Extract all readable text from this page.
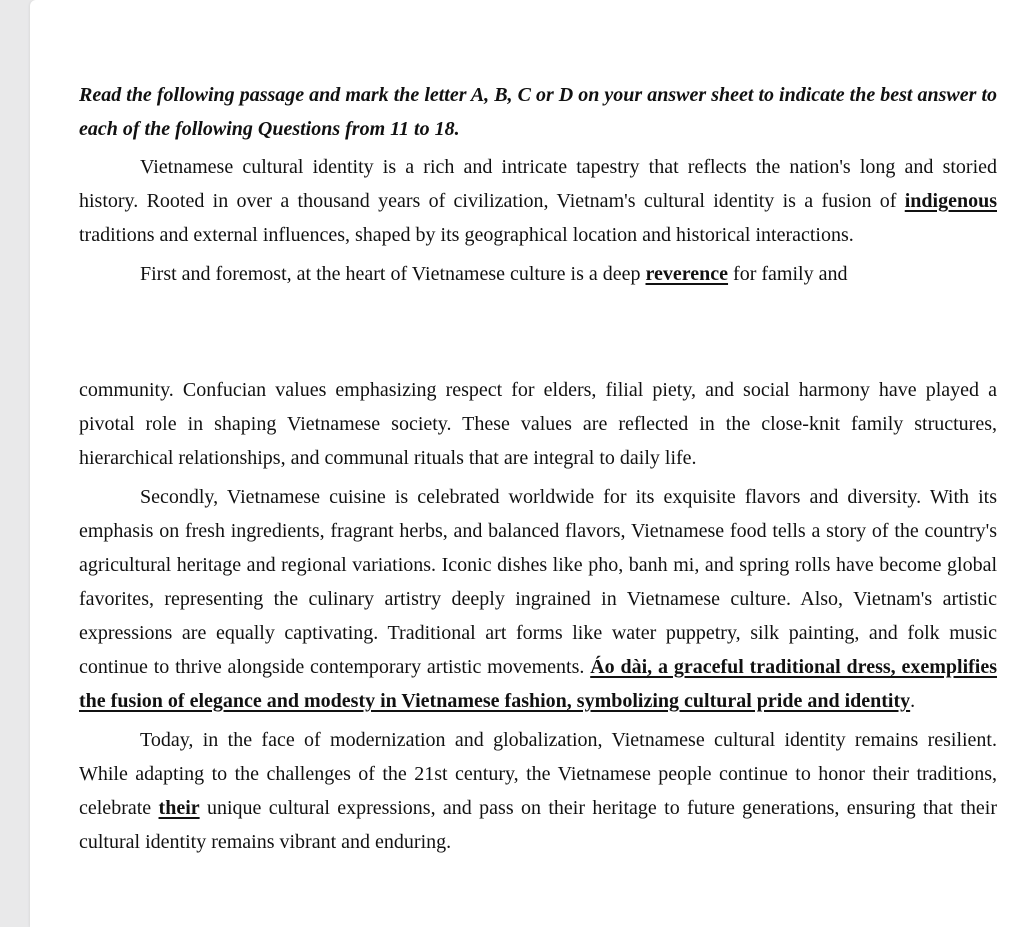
Read the following passage and mark the letter A, B, C or D on your answer sheet to indicate the best answer to each of the following Questions from 11 to 18.

Vietnamese cultural identity is a rich and intricate tapestry that reflects the nation's long and storied history. Rooted in over a thousand years of civilization, Vietnam's cultural identity is a fusion of indigenous traditions and external influences, shaped by its geographical location and historical interactions.

First and foremost, at the heart of Vietnamese culture is a deep reverence for family and

community. Confucian values emphasizing respect for elders, filial piety, and social harmony have played a pivotal role in shaping Vietnamese society. These values are reflected in the close-knit family structures, hierarchical relationships, and communal rituals that are integral to daily life.

Secondly, Vietnamese cuisine is celebrated worldwide for its exquisite flavors and diversity. With its emphasis on fresh ingredients, fragrant herbs, and balanced flavors, Vietnamese food tells a story of the country's agricultural heritage and regional variations. Iconic dishes like pho, banh mi, and spring rolls have become global favorites, representing the culinary artistry deeply ingrained in Vietnamese culture. Also, Vietnam's artistic expressions are equally captivating. Traditional art forms like water puppetry, silk painting, and folk music continue to thrive alongside contemporary artistic movements. Áo dài, a graceful traditional dress, exemplifies the fusion of elegance and modesty in Vietnamese fashion, symbolizing cultural pride and identity.

Today, in the face of modernization and globalization, Vietnamese cultural identity remains resilient. While adapting to the challenges of the 21st century, the Vietnamese people continue to honor their traditions, celebrate their unique cultural expressions, and pass on their heritage to future generations, ensuring that their cultural identity remains vibrant and enduring.
